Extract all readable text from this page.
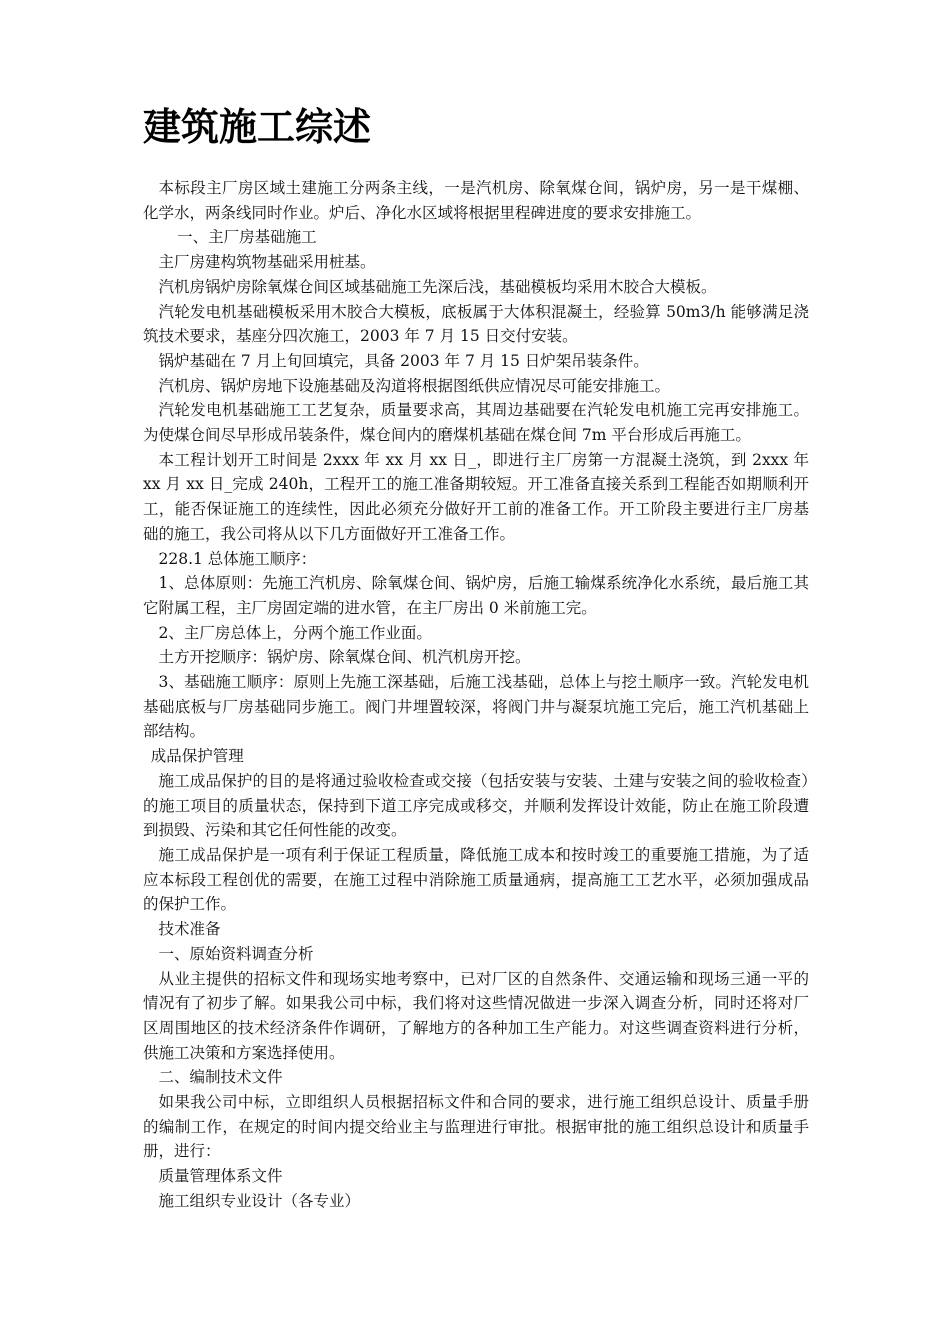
建筑施工综述

本标段主厂房区域土建施工分两条主线，一是汽机房、除氧煤仓间，锅炉房，另一是干煤棚、化学水，两条线同时作业。炉后、净化水区域将根据里程碑进度的要求安排施工。

一、主厂房基础施工

主厂房建构筑物基础采用桩基。

汽机房锅炉房除氧煤仓间区域基础施工先深后浅，基础模板均采用木胶合大模板。

汽轮发电机基础模板采用木胶合大模板，底板属于大体积混凝土，经验算 50m3/h 能够满足浇筑技术要求，基座分四次施工，2003 年 7 月 15 日交付安装。

锅炉基础在 7 月上旬回填完，具备 2003 年 7 月 15 日炉架吊装条件。

汽机房、锅炉房地下设施基础及沟道将根据图纸供应情况尽可能安排施工。

汽轮发电机基础施工工艺复杂，质量要求高，其周边基础要在汽轮发电机施工完再安排施工。为使煤仓间尽早形成吊装条件，煤仓间内的磨煤机基础在煤仓间 7m 平台形成后再施工。

本工程计划开工时间是 2xxx 年 xx 月 xx 日_，即进行主厂房第一方混凝土浇筑，到 2xxx 年 xx 月 xx 日_完成 240h，工程开工的施工准备期较短。开工准备直接关系到工程能否如期顺利开工，能否保证施工的连续性，因此必须充分做好开工前的准备工作。开工阶段主要进行主厂房基础的施工，我公司将从以下几方面做好开工准备工作。

228.1 总体施工顺序：

1、总体原则：先施工汽机房、除氧煤仓间、锅炉房，后施工输煤系统净化水系统，最后施工其它附属工程，主厂房固定端的进水管，在主厂房出 0 米前施工完。

2、主厂房总体上，分两个施工作业面。

土方开挖顺序：锅炉房、除氧煤仓间、机汽机房开挖。

3、基础施工顺序：原则上先施工深基础，后施工浅基础，总体上与挖土顺序一致。汽轮发电机基础底板与厂房基础同步施工。阀门井埋置较深，将阀门井与凝泵坑施工完后，施工汽机基础上部结构。

成品保护管理

施工成品保护的目的是将通过验收检查或交接（包括安装与安装、土建与安装之间的验收检查）的施工项目的质量状态，保持到下道工序完成或移交，并顺利发挥设计效能，防止在施工阶段遭到损毁、污染和其它任何性能的改变。

施工成品保护是一项有利于保证工程质量，降低施工成本和按时竣工的重要施工措施，为了适应本标段工程创优的需要，在施工过程中消除施工质量通病，提高施工工艺水平，必须加强成品的保护工作。

技术准备

一、原始资料调查分析

从业主提供的招标文件和现场实地考察中，已对厂区的自然条件、交通运输和现场三通一平的情况有了初步了解。如果我公司中标，我们将对这些情况做进一步深入调查分析，同时还将对厂区周围地区的技术经济条件作调研，了解地方的各种加工生产能力。对这些调查资料进行分析，供施工决策和方案选择使用。

二、编制技术文件

如果我公司中标，立即组织人员根据招标文件和合同的要求，进行施工组织总设计、质量手册的编制工作，在规定的时间内提交给业主与监理进行审批。根据审批的施工组织总设计和质量手册，进行：

质量管理体系文件

施工组织专业设计（各专业）
